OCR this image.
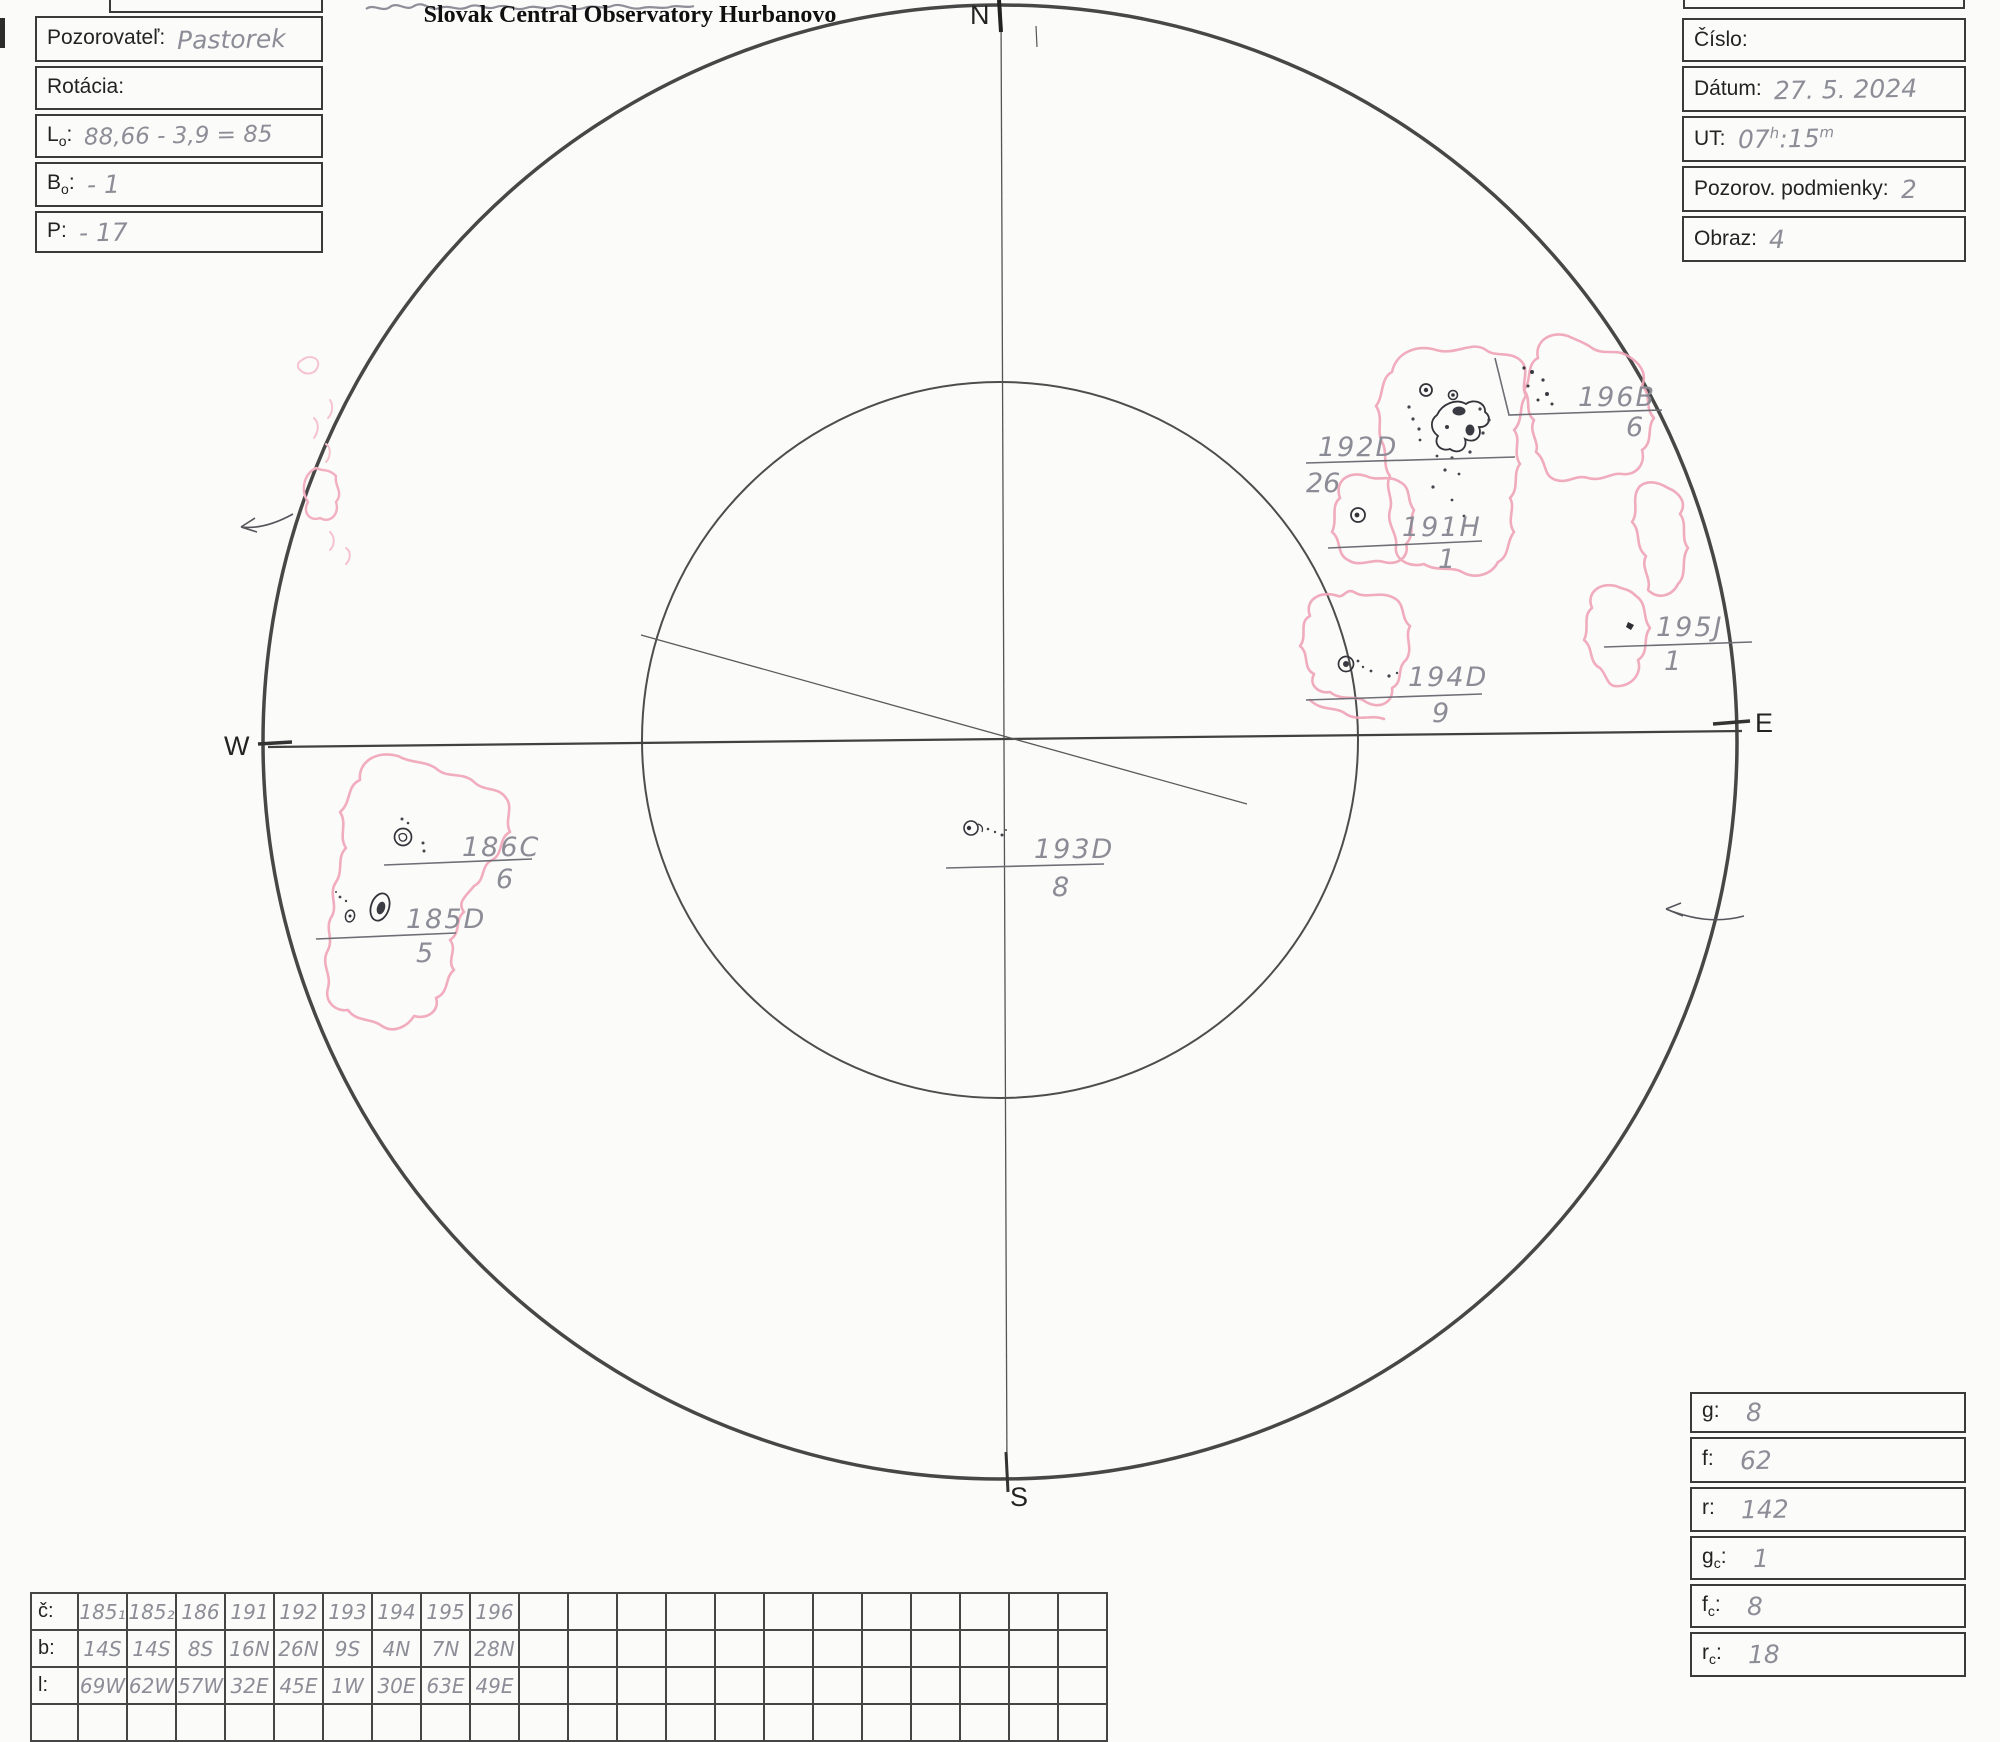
N
S
W
E
192D
26
196B
6
191H
1
195J
1
194D
9
193D
8
186C
6
185D
5
Slovak Central Observatory Hurbanovo
Pozorovateľ: Pastorek
Rotácia:
$L_o$: 88,66 - 3,9 = 85
$B_o$: - 1
P: - 17
Číslo:
Dátum: 27. 5. 2024
UT: 07$^h$:15$^m$
Pozorov. podmienky: 2
Obraz: 4
g: 8
f: 62
r: 142
$g_c$: 1
$f_c$: 8
$r_c$: 18
č:	185₁ 185₂ 186 191 192 193 194 195 196
b:	14S 14S 8S 16N 26N 9S	4N	7N 28N
l:	69W 62W 57W 32E 45E 1W 30E 63E 49E
